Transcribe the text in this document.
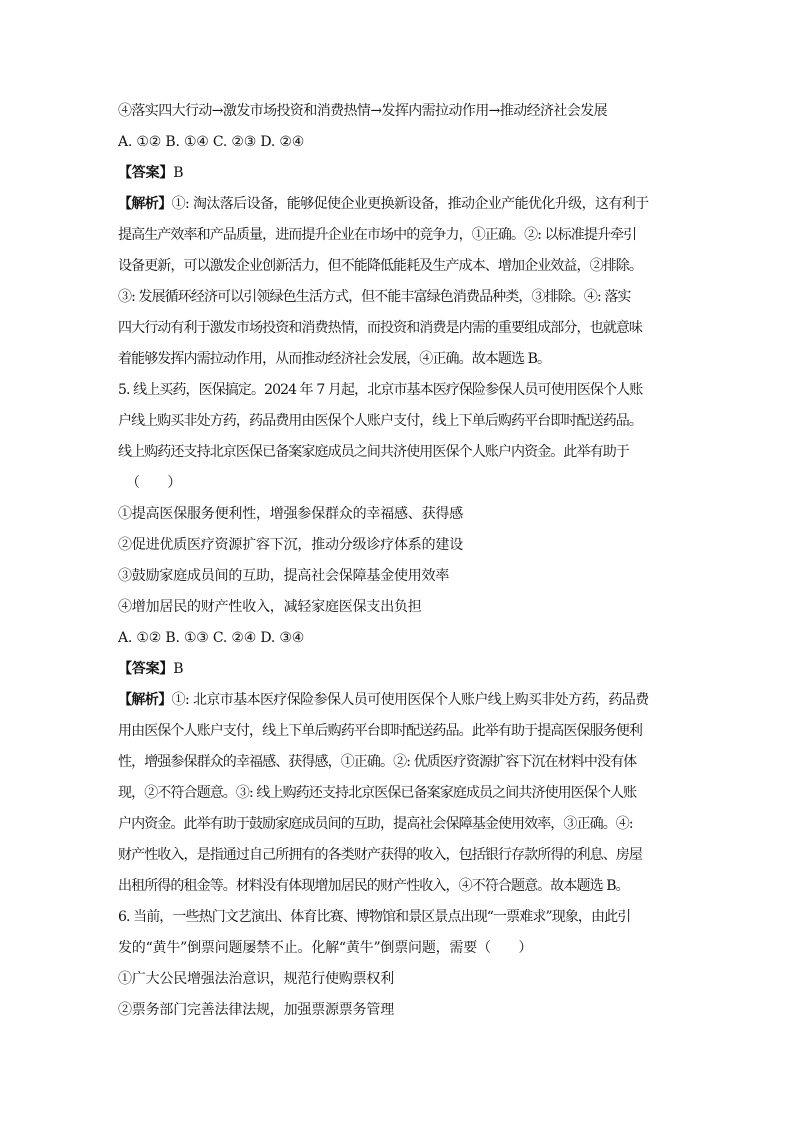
④落实四大行动→激发市场投资和消费热情→发挥内需拉动作用→推动经济社会发展
A. ①② B. ①④ C. ②③ D. ②④
【答案】B
【解析】①: 淘汰落后设备，能够促使企业更换新设备，推动企业产能优化升级，这有利于
提高生产效率和产品质量，进而提升企业在市场中的竞争力，①正确。②: 以标准提升牵引
设备更新，可以激发企业创新活力，但不能降低能耗及生产成本、增加企业效益，②排除。
③: 发展循环经济可以引领绿色生活方式，但不能丰富绿色消费品种类，③排除。④: 落实
四大行动有利于激发市场投资和消费热情，而投资和消费是内需的重要组成部分，也就意味
着能够发挥内需拉动作用，从而推动经济社会发展，④正确。故本题选 B。
5. 线上买药，医保搞定。2024 年 7 月起，北京市基本医疗保险参保人员可使用医保个人账
户线上购买非处方药，药品费用由医保个人账户支付，线上下单后购药平台即时配送药品。
线上购药还支持北京医保已备案家庭成员之间共济使用医保个人账户内资金。此举有助于
（　　）
①提高医保服务便利性，增强参保群众的幸福感、获得感
②促进优质医疗资源扩容下沉，推动分级诊疗体系的建设
③鼓励家庭成员间的互助，提高社会保障基金使用效率
④增加居民的财产性收入，减轻家庭医保支出负担
A. ①② B. ①③ C. ②④ D. ③④
【答案】B
【解析】①: 北京市基本医疗保险参保人员可使用医保个人账户线上购买非处方药，药品费
用由医保个人账户支付，线上下单后购药平台即时配送药品。此举有助于提高医保服务便利
性，增强参保群众的幸福感、获得感，①正确。②: 优质医疗资源扩容下沉在材料中没有体
现，②不符合题意。③: 线上购药还支持北京医保已备案家庭成员之间共济使用医保个人账
户内资金。此举有助于鼓励家庭成员间的互助，提高社会保障基金使用效率，③正确。④:
财产性收入，是指通过自己所拥有的各类财产获得的收入，包括银行存款所得的利息、房屋
出租所得的租金等。材料没有体现增加居民的财产性收入，④不符合题意。故本题选 B。
6. 当前，一些热门文艺演出、体育比赛、博物馆和景区景点出现“一票难求”现象，由此引
发的“黄牛”倒票问题屡禁不止。化解“黄牛”倒票问题，需要（　　）
①广大公民增强法治意识，规范行使购票权利
②票务部门完善法律法规，加强票源票务管理
